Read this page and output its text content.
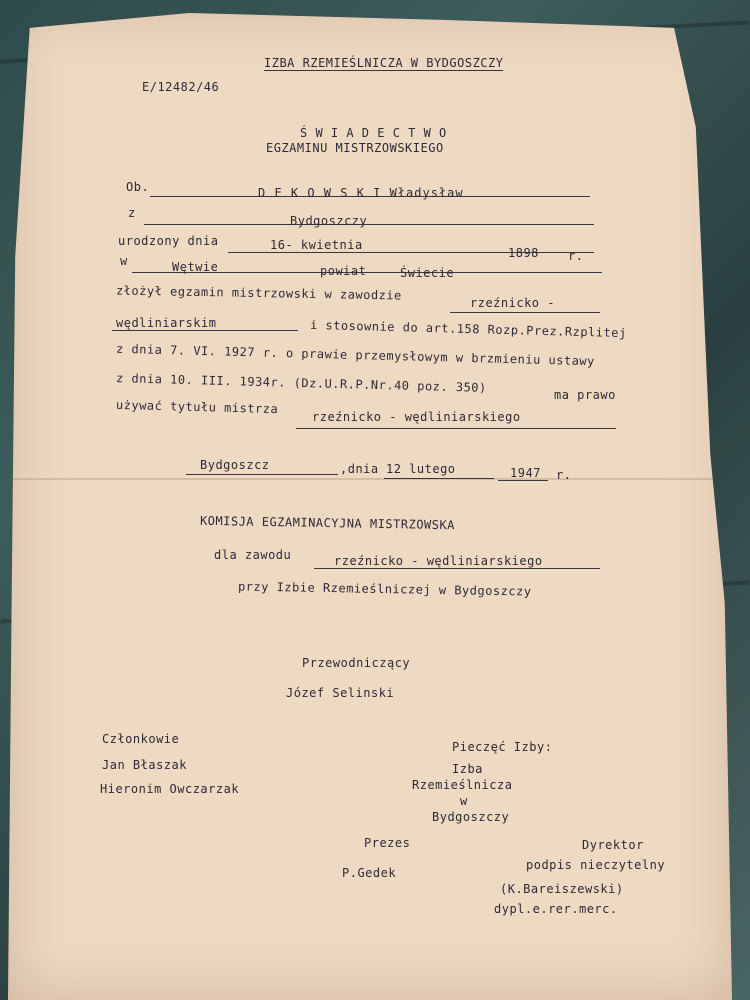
IZBA RZEMIEŚLNICZA W BYDGOSZCZY
E/12482/46
Ś W I A D E C T W O
EGZAMINU MISTRZOWSKIEGO
Ob.	D E K O W S K I Władysław
z
Bydgoszczy
urodzony dnia	16- kwietnia
1898 r.
w	Wętwie	powiat	Świecie
złożył egzamin mistrzowski w zawodzie
rzeźnicko -
wędliniarskim	i stosownie do art.158 Rozp.Prez.Rzplitej
z dnia 7. VI. 1927 r. o prawie przemysłowym w brzmieniu ustawy
z dnia 10. III. 1934r. (Dz.U.R.P.Nr.40 poz. 350)
ma prawo
używać tytułu mistrza
rzeźnicko - wędliniarskiego
Bydgoszcz	,dnia 12 lutego	1947 r.
KOMISJA EGZAMINACYJNA MISTRZOWSKA
dla zawodu	rzeźnicko - wędliniarskiego
przy Izbie Rzemieślniczej w Bydgoszczy
Przewodniczący
Józef Selinski
Członkowie
Jan Błaszak
Hieronim Owczarzak
Pieczęć Izby:
Izba
Rzemieślnicza
w
Bydgoszczy
Prezes
P.Gedek
Dyrektor
podpis nieczytelny
(K.Bareiszewski)
dypl.e.rer.merc.
